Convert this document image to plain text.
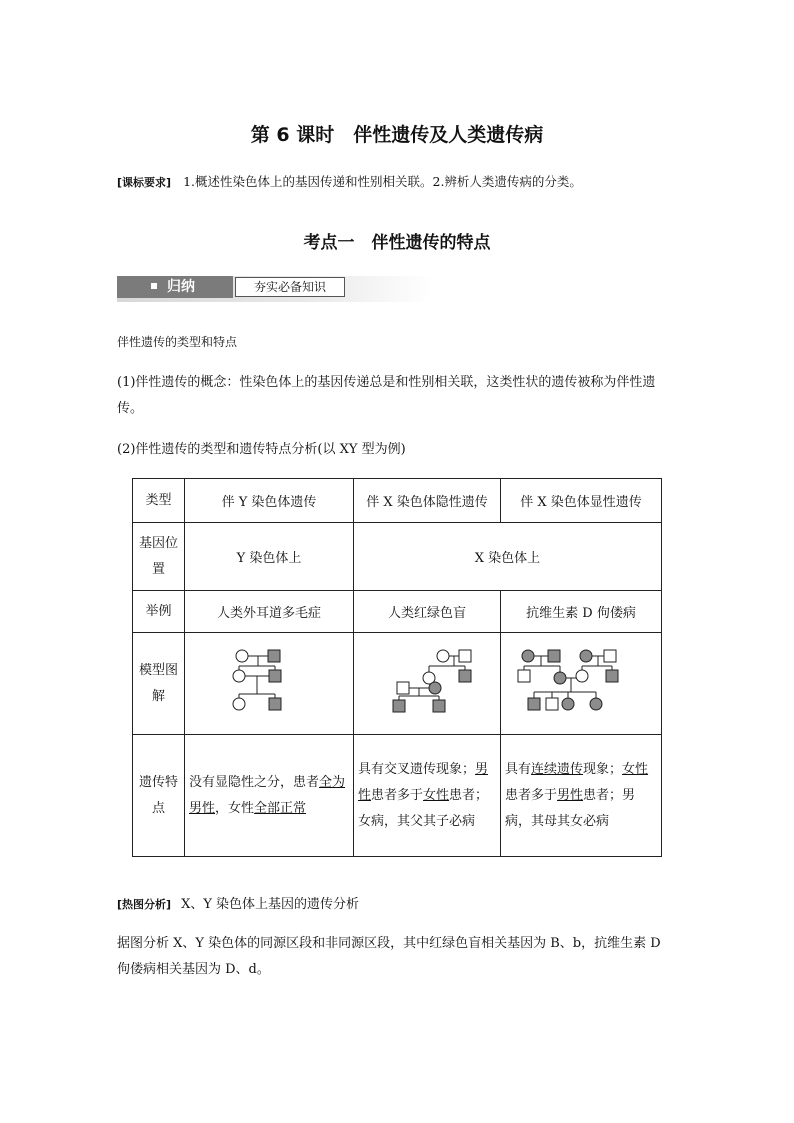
第 6 课时　伴性遗传及人类遗传病
[课标要求] 1.概述性染色体上的基因传递和性别相关联。2.辨析人类遗传病的分类。
考点一　伴性遗传的特点
归纳	夯实必备知识
伴性遗传的类型和特点
(1)伴性遗传的概念：性染色体上的基因传递总是和性别相关联，这类性状的遗传被称为伴性遗传。
(2)伴性遗传的类型和遗传特点分析(以 XY 型为例)
类型	伴 Y 染色体遗传	伴 X 染色体隐性遗传	伴 X 染色体显性遗传
基因位置	Y 染色体上	X 染色体上	
举例	人类外耳道多毛症	人类红绿色盲	抗维生素 D 佝偻病
模型图解	

遗传特点	没有显隐性之分，患者全为男性，女性全部正常	具有交叉遗传现象；男性患者多于女性患者；女病，其父其子必病	具有连续遗传现象；女性患者多于男性患者；男病，其母其女必病
[热图分析] X、Y 染色体上基因的遗传分析
据图分析 X、Y 染色体的同源区段和非同源区段，其中红绿色盲相关基因为 B、b，抗维生素 D 佝偻病相关基因为 D、d。
